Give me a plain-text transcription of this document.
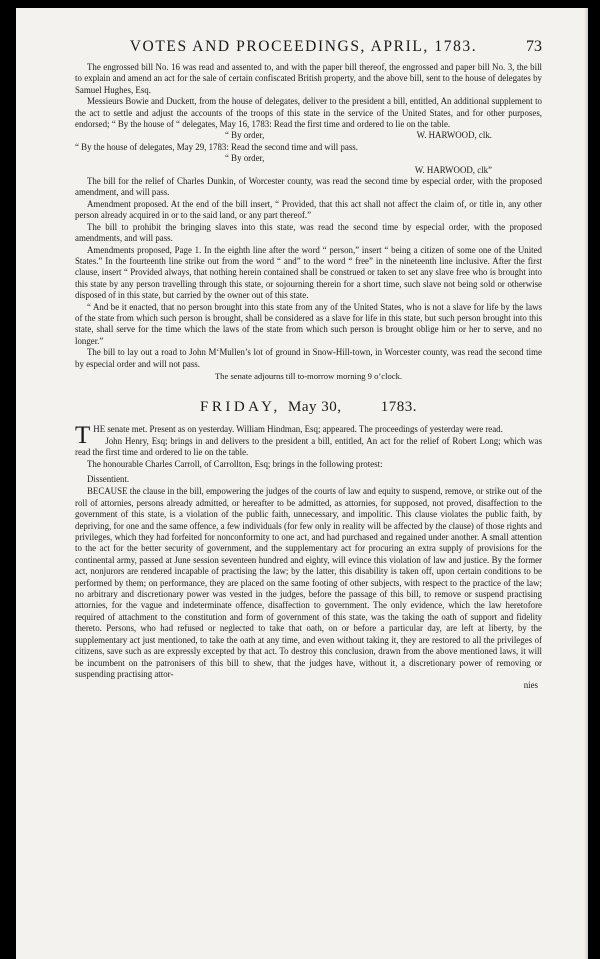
VOTES AND PROCEEDINGS, APRIL, 1783.	73

The engrossed bill No. 16 was read and assented to, and with the paper bill thereof, the engrossed and paper bill No. 3, the bill to explain and amend an act for the sale of certain confiscated British property, and the above bill, sent to the house of delegates by Samuel Hughes, Esq.

Messieurs Bowie and Duckett, from the house of delegates, deliver to the president a bill, entitled, An additional supplement to the act to settle and adjust the accounts of the troops of this state in the service of the United States, and for other purposes, endorsed; “ By the house of “ delegates, May 16, 1783: Read the first time and ordered to lie on the table.

“ By order,	W. HARWOOD, clk.

“ By the house of delegates, May 29, 1783: Read the second time and will pass.

“ By order,

W. HARWOOD, clk”

The bill for the relief of Charles Dunkin, of Worcester county, was read the second time by especial order, with the proposed amendment, and will pass.

Amendment proposed. At the end of the bill insert, “ Provided, that this act shall not affect the claim of, or title in, any other person already acquired in or to the said land, or any part thereof.”

The bill to prohibit the bringing slaves into this state, was read the second time by especial order, with the proposed amendments, and will pass.

Amendments proposed, Page 1. In the eighth line after the word “ person,” insert “ being a citizen of some one of the United States.” In the fourteenth line strike out from the word “ and” to the word “ free” in the nineteenth line inclusive. After the first clause, insert “ Provided always, that nothing herein contained shall be construed or taken to set any slave free who is brought into this state by any person travelling through this state, or sojourning therein for a short time, such slave not being sold or otherwise disposed of in this state, but carried by the owner out of this state.

“ And be it enacted, that no person brought into this state from any of the United States, who is not a slave for life by the laws of the state from which such person is brought, shall be considered as a slave for life in this state, but such person brought into this state, shall serve for the time which the laws of the state from which such person is brought oblige him or her to serve, and no longer.”

The bill to lay out a road to John M‘Mullen’s lot of ground in Snow-Hill-town, in Worcester county, was read the second time by especial order and will not pass.

The senate adjourns till to-morrow morning 9 o’clock.

FRIDAY, May 30,	1783.

T HE senate met. Present as on yesterday. William Hindman, Esq; appeared. The proceedings of yesterday were read.

John Henry, Esq; brings in and delivers to the president a bill, entitled, An act for the relief of Robert Long; which was read the first time and ordered to lie on the table.

The honourable Charles Carroll, of Carrollton, Esq; brings in the following protest:

Dissentient.

BECAUSE the clause in the bill, empowering the judges of the courts of law and equity to suspend, remove, or strike out of the roll of attornies, persons already admitted, or hereafter to be admitted, as attornies, for supposed, not proved, disaffection to the government of this state, is a violation of the public faith, unnecessary, and impolitic. This clause violates the public faith, by depriving, for one and the same offence, a few individuals (for few only in reality will be affected by the clause) of those rights and privileges, which they had forfeited for nonconformity to one act, and had purchased and regained under another. A small attention to the act for the better security of government, and the supplementary act for procuring an extra supply of provisions for the continental army, passed at June session seventeen hundred and eighty, will evince this violation of law and justice. By the former act, nonjurors are rendered incapable of practising the law; by the latter, this disability is taken off, upon certain conditions to be performed by them; on performance, they are placed on the same footing of other subjects, with respect to the practice of the law; no arbitrary and discretionary power was vested in the judges, before the passage of this bill, to remove or suspend practising attornies, for the vague and indeterminate offence, disaffection to government. The only evidence, which the law heretofore required of attachment to the constitution and form of government of this state, was the taking the oath of support and fidelity thereto. Persons, who had refused or neglected to take that oath, on or before a particular day, are left at liberty, by the supplementary act just mentioned, to take the oath at any time, and even without taking it, they are restored to all the privileges of citizens, save such as are expressly excepted by that act. To destroy this conclusion, drawn from the above mentioned laws, it will be incumbent on the patronisers of this bill to shew, that the judges have, without it, a discretionary power of removing or suspending practising attor-

nies
